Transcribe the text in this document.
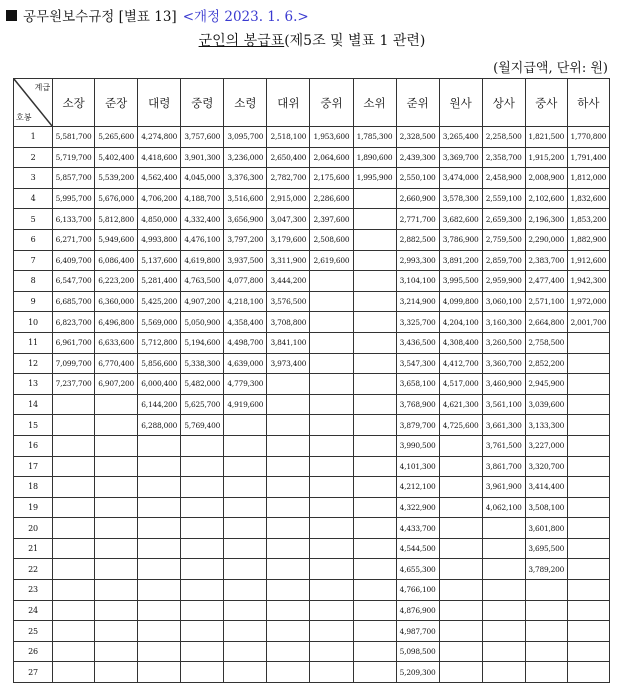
공무원보수규정 [별표 13] <개정 2023. 1. 6.>
군인의 봉급표(제5조 및 별표 1 관련)
(월지급액, 단위: 원)
계급
호봉	소장	준장	대령	중령	소령	대위	중위	소위	준위	원사	상사	중사	하사
1	5,581,700	5,265,600	4,274,800	3,757,600	3,095,700	2,518,100	1,953,600	1,785,300	2,328,500	3,265,400	2,258,500	1,821,500	1,770,800
2	5,719,700	5,402,400	4,418,600	3,901,300	3,236,000	2,650,400	2,064,600	1,890,600	2,439,300	3,369,700	2,358,700	1,915,200	1,791,400
3	5,857,700	5,539,200	4,562,400	4,045,000	3,376,300	2,782,700	2,175,600	1,995,900	2,550,100	3,474,000	2,458,900	2,008,900	1,812,000
4	5,995,700	5,676,000	4,706,200	4,188,700	3,516,600	2,915,000	2,286,600		2,660,900	3,578,300	2,559,100	2,102,600	1,832,600
5	6,133,700	5,812,800	4,850,000	4,332,400	3,656,900	3,047,300	2,397,600		2,771,700	3,682,600	2,659,300	2,196,300	1,853,200
6	6,271,700	5,949,600	4,993,800	4,476,100	3,797,200	3,179,600	2,508,600		2,882,500	3,786,900	2,759,500	2,290,000	1,882,900
7	6,409,700	6,086,400	5,137,600	4,619,800	3,937,500	3,311,900	2,619,600		2,993,300	3,891,200	2,859,700	2,383,700	1,912,600
8	6,547,700	6,223,200	5,281,400	4,763,500	4,077,800	3,444,200			3,104,100	3,995,500	2,959,900	2,477,400	1,942,300
9	6,685,700	6,360,000	5,425,200	4,907,200	4,218,100	3,576,500			3,214,900	4,099,800	3,060,100	2,571,100	1,972,000
10	6,823,700	6,496,800	5,569,000	5,050,900	4,358,400	3,708,800			3,325,700	4,204,100	3,160,300	2,664,800	2,001,700
11	6,961,700	6,633,600	5,712,800	5,194,600	4,498,700	3,841,100			3,436,500	4,308,400	3,260,500	2,758,500	
12	7,099,700	6,770,400	5,856,600	5,338,300	4,639,000	3,973,400			3,547,300	4,412,700	3,360,700	2,852,200	
13	7,237,700	6,907,200	6,000,400	5,482,000	4,779,300				3,658,100	4,517,000	3,460,900	2,945,900	
14			6,144,200	5,625,700	4,919,600				3,768,900	4,621,300	3,561,100	3,039,600	
15			6,288,000	5,769,400					3,879,700	4,725,600	3,661,300	3,133,300	
16									3,990,500		3,761,500	3,227,000	
17									4,101,300		3,861,700	3,320,700	
18									4,212,100		3,961,900	3,414,400	
19									4,322,900		4,062,100	3,508,100	
20									4,433,700			3,601,800	
21									4,544,500			3,695,500	
22									4,655,300			3,789,200	
23									4,766,100				
24									4,876,900				
25									4,987,700				
26									5,098,500				
27									5,209,300				
